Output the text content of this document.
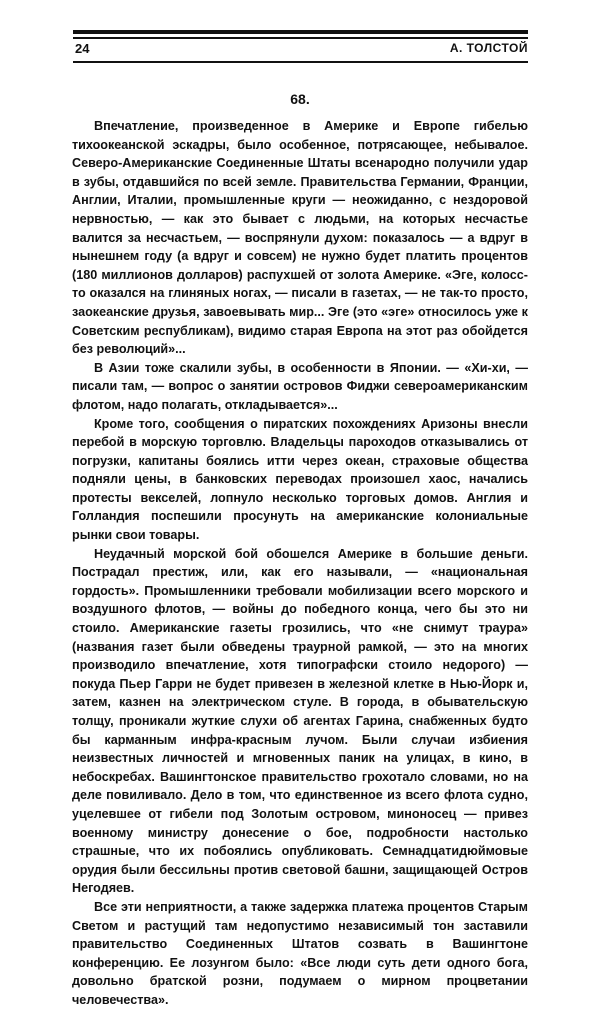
24	А. ТОЛСТОЙ
68.

Впечатление, произведенное в Америке и Европе гибелью тихоокеанской эскадры, было особенное, потрясающее, небывалое. Северо-Американские Соединенные Штаты всенародно получили удар в зубы, отдавшийся по всей земле. Правительства Германии, Франции, Англии, Италии, промышленные круги — неожиданно, с нездоровой нервностью, — как это бывает с людьми, на которых несчастье валится за несчастьем, — воспрянули духом: показалось — а вдруг в нынешнем году (а вдруг и совсем) не нужно будет платить процентов (180 миллионов долларов) распухшей от золота Америке. «Эге, колосс-то оказался на глиняных ногах, — писали в газетах, — не так-то просто, заокеанские друзья, завоевывать мир... Эге (это «эге» относилось уже к Советским республикам), видимо старая Европа на этот раз обойдется без революций»...

В Азии тоже скалили зубы, в особенности в Японии. — «Хи-хи, — писали там, — вопрос о занятии островов Фиджи североамериканским флотом, надо полагать, откладывается»...

Кроме того, сообщения о пиратских похождениях Аризоны внесли перебой в морскую торговлю. Владельцы пароходов отказывались от погрузки, капитаны боялись итти через океан, страховые общества подняли цены, в банковских переводах произошел хаос, начались протесты векселей, лопнуло несколько торговых домов. Англия и Голландия поспешили просунуть на американские колониальные рынки свои товары.

Неудачный морской бой обошелся Америке в большие деньги. Пострадал престиж, или, как его называли, — «национальная гордость». Промышленники требовали мобилизации всего морского и воздушного флотов, — войны до победного конца, чего бы это ни стоило. Американские газеты грозились, что «не снимут траура» (названия газет были обведены траурной рамкой, — это на многих производило впечатление, хотя типографски стоило недорого) — покуда Пьер Гарри не будет привезен в железной клетке в Нью-Йорк и, затем, казнен на электрическом стуле. В города, в обывательскую толщу, проникали жуткие слухи об агентах Гарина, снабженных будто бы карманным инфра-красным лучом. Были случаи избиения неизвестных личностей и мгновенных паник на улицах, в кино, в небоскребах. Вашингтонское правительство грохотало словами, но на деле повиливало. Дело в том, что единственное из всего флота судно, уцелевшее от гибели под Золотым островом, миноносец — привез военному министру донесение о бое, подробности настолько страшные, что их побоялись опубликовать. Семнадцатидюймовые орудия были бессильны против световой башни, защищающей Остров Негодяев.

Все эти неприятности, а также задержка платежа процентов Старым Светом и растущий там недопустимо независимый тон заставили правительство Соединенных Штатов созвать в Вашингтоне конференцию. Ее лозунгом было: «Все люди суть дети одного бога, довольно братской розни, подумаем о мирном процветании человечества».
